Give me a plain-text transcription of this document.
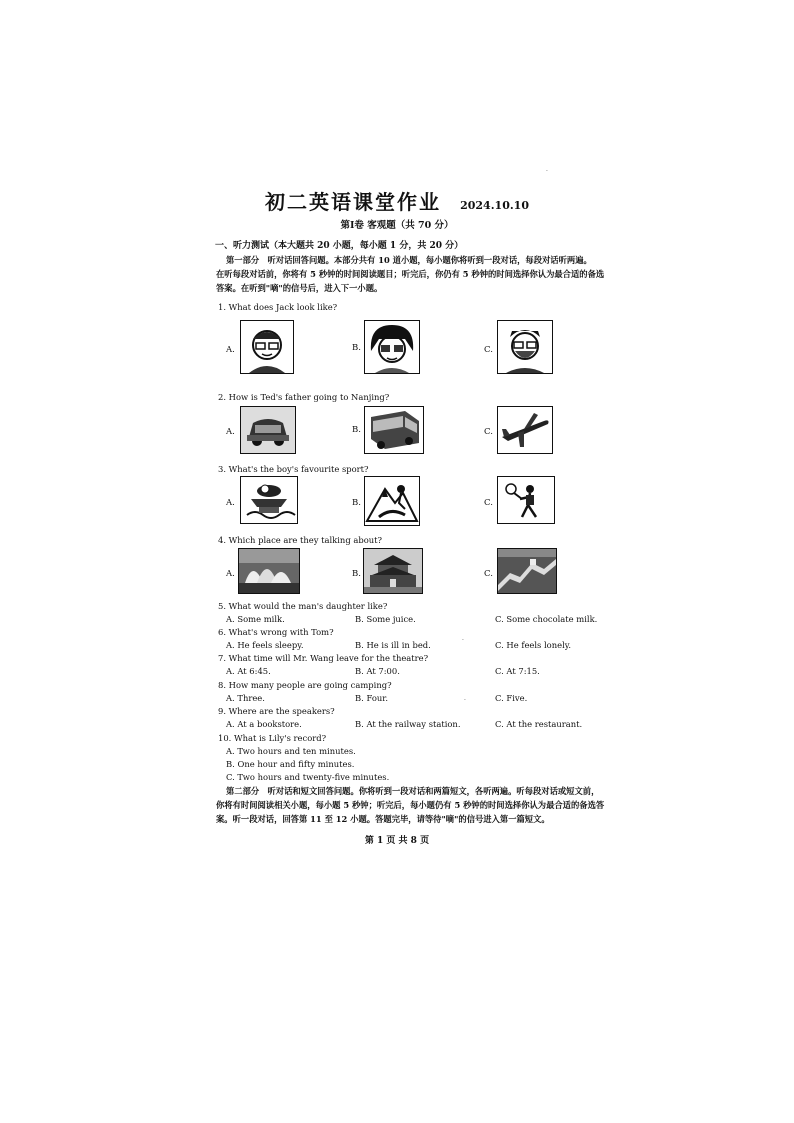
初二英语课堂作业 2024.10.10
第Ⅰ卷 客观题（共 70 分）
一、听力测试（本大题共 20 小题，每小题 1 分，共 20 分）
第一部分　听对话回答问题。本部分共有 10 道小题，每小题你将听到一段对话，每段对话听两遍。
在听每段对话前，你将有 5 秒钟的时间阅读题目；听完后，你仍有 5 秒钟的时间选择你认为最合适的备选
答案。在听到"嘀"的信号后，进入下一小题。
1. What does Jack look like?
A.	B.	C.
2. How is Ted's father going to Nanjing?
A.	B.	C.
3. What's the boy's favourite sport?
A.	B.	C.
4. Which place are they talking about?
A.	B.	C.
5. What would the man's daughter like?
A. Some milk.	B. Some juice.	C. Some chocolate milk.
6. What's wrong with Tom?
A. He feels sleepy.	B. He is ill in bed.	C. He feels lonely.
7. What time will Mr. Wang leave for the theatre?
A. At 6:45.	B. At 7:00.	C. At 7:15.
8. How many people are going camping?
A. Three.	B. Four.	C. Five.
9. Where are the speakers?
A. At a bookstore.	B. At the railway station.	C. At the restaurant.
10. What is Lily's record?
A. Two hours and ten minutes.
B. One hour and fifty minutes.
C. Two hours and twenty-five minutes.
第二部分　听对话和短文回答问题。你将听到一段对话和两篇短文，各听两遍。听每段对话或短文前，
你将有时间阅读相关小题，每小题 5 秒钟；听完后，每小题仍有 5 秒钟的时间选择你认为最合适的备选答
案。听一段对话，回答第 11 至 12 小题。答题完毕，请等待"嘀"的信号进入第一篇短文。
第 1 页 共 8 页
·
·
·
